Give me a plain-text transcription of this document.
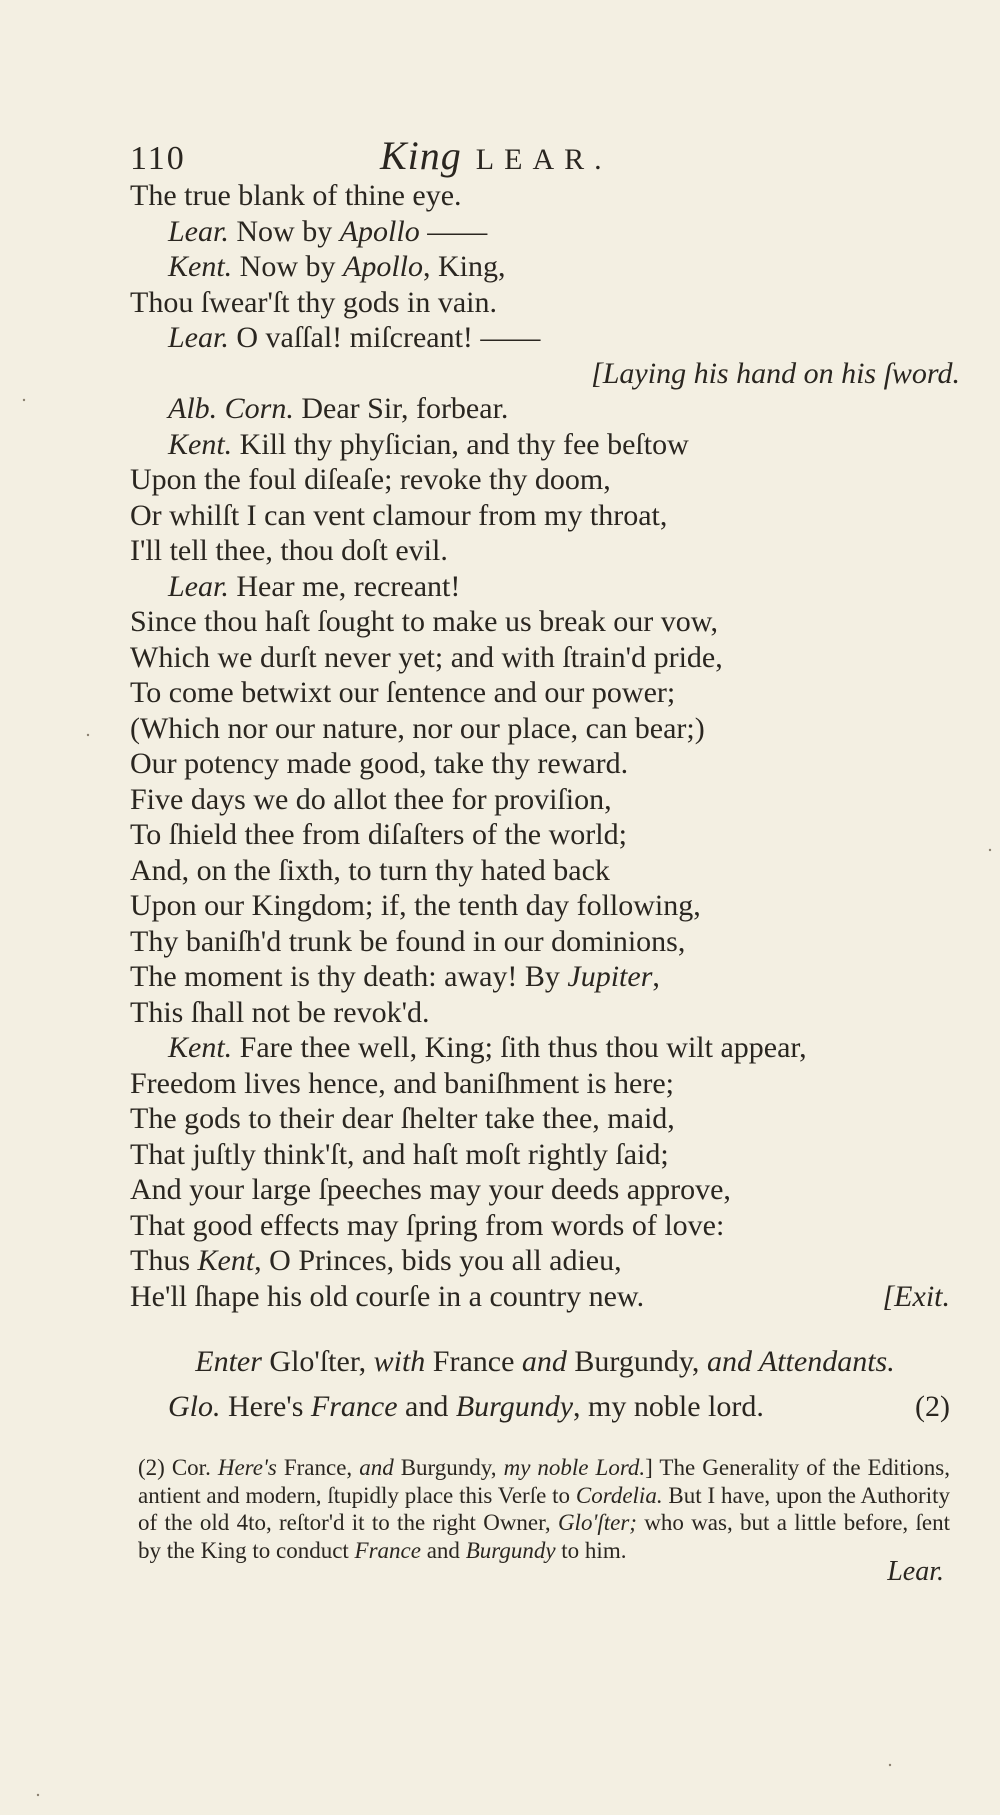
110	King LEAR.
The true blank of thine eye.
Lear. Now by Apollo ——
Kent. Now by Apollo, King,
Thou ſwear'ſt thy gods in vain.
Lear. O vaſſal! miſcreant! ——
[Laying his hand on his ſword.
Alb. Corn. Dear Sir, forbear.
Kent. Kill thy phyſician, and thy fee beſtow
Upon the foul diſeaſe; revoke thy doom,
Or whilſt I can vent clamour from my throat,
I'll tell thee, thou doſt evil.
Lear. Hear me, recreant!
Since thou haſt ſought to make us break our vow,
Which we durſt never yet; and with ſtrain'd pride,
To come betwixt our ſentence and our power;
(Which nor our nature, nor our place, can bear;)
Our potency made good, take thy reward.
Five days we do allot thee for proviſion,
To ſhield thee from diſaſters of the world;
And, on the ſixth, to turn thy hated back
Upon our Kingdom; if, the tenth day following,
Thy baniſh'd trunk be found in our dominions,
The moment is thy death: away! By Jupiter,
This ſhall not be revok'd.
Kent. Fare thee well, King; ſith thus thou wilt appear,
Freedom lives hence, and baniſhment is here;
The gods to their dear ſhelter take thee, maid,
That juſtly think'ſt, and haſt moſt rightly ſaid;
And your large ſpeeches may your deeds approve,
That good effects may ſpring from words of love:
Thus Kent, O Princes, bids you all adieu,
He'll ſhape his old courſe in a country new.	[Exit.
Enter Glo'ſter, with France and Burgundy, and Attendants.
Glo. Here's France and Burgundy, my noble lord.	(2)
(2) Cor. Here's France, and Burgundy, my noble Lord.] The Generality of the Editions, antient and modern, ſtupidly place this Verſe to Cordelia. But I have, upon the Authority of the old 4to, reſtor'd it to the right Owner, Glo'ſter; who was, but a little before, ſent by the King to conduct France and Burgundy to him.
Lear.
